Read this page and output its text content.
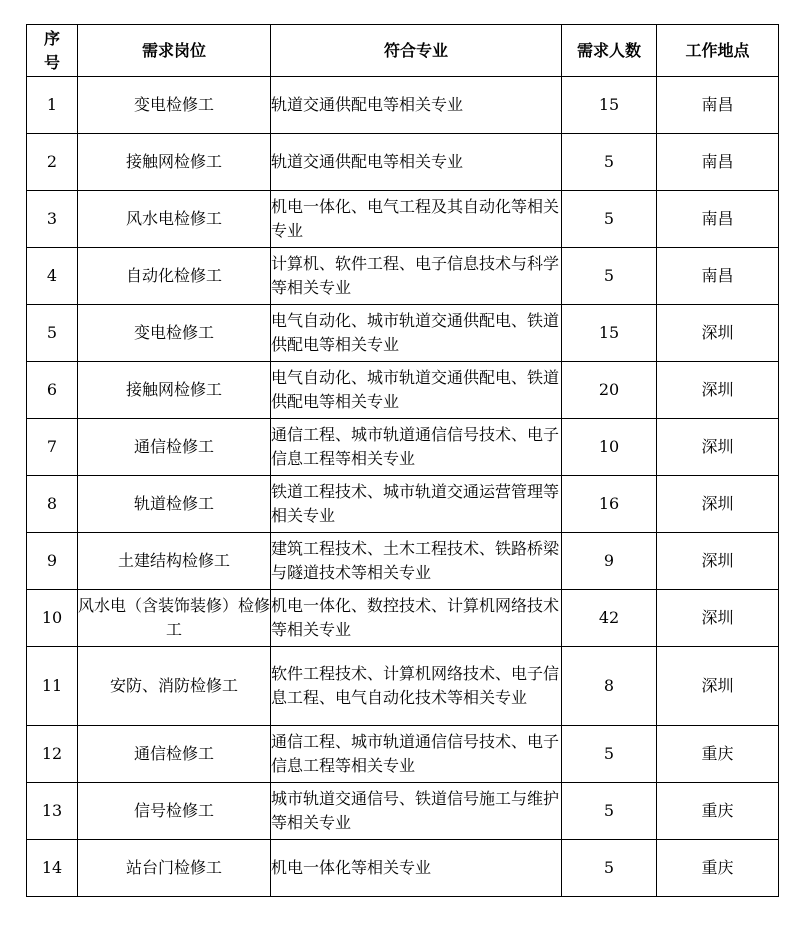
序
号	需求岗位	符合专业	需求人数	工作地点
1	变电检修工	轨道交通供配电等相关专业	15	南昌
2	接触网检修工	轨道交通供配电等相关专业	5	南昌
3	风水电检修工	机电一体化、电气工程及其自动化等相关专业	5	南昌
4	自动化检修工	计算机、软件工程、电子信息技术与科学等相关专业	5	南昌
5	变电检修工	电气自动化、城市轨道交通供配电、铁道供配电等相关专业	15	深圳
6	接触网检修工	电气自动化、城市轨道交通供配电、铁道供配电等相关专业	20	深圳
7	通信检修工	通信工程、城市轨道通信信号技术、电子信息工程等相关专业	10	深圳
8	轨道检修工	铁道工程技术、城市轨道交通运营管理等相关专业	16	深圳
9	土建结构检修工	建筑工程技术、土木工程技术、铁路桥梁与隧道技术等相关专业	9	深圳
10	风水电（含装饰装修）检修工	机电一体化、数控技术、计算机网络技术等相关专业	42	深圳
11	安防、消防检修工	软件工程技术、计算机网络技术、电子信息工程、电气自动化技术等相关专业	8	深圳
12	通信检修工	通信工程、城市轨道通信信号技术、电子信息工程等相关专业	5	重庆
13	信号检修工	城市轨道交通信号、铁道信号施工与维护等相关专业	5	重庆
14	站台门检修工	机电一体化等相关专业	5	重庆
